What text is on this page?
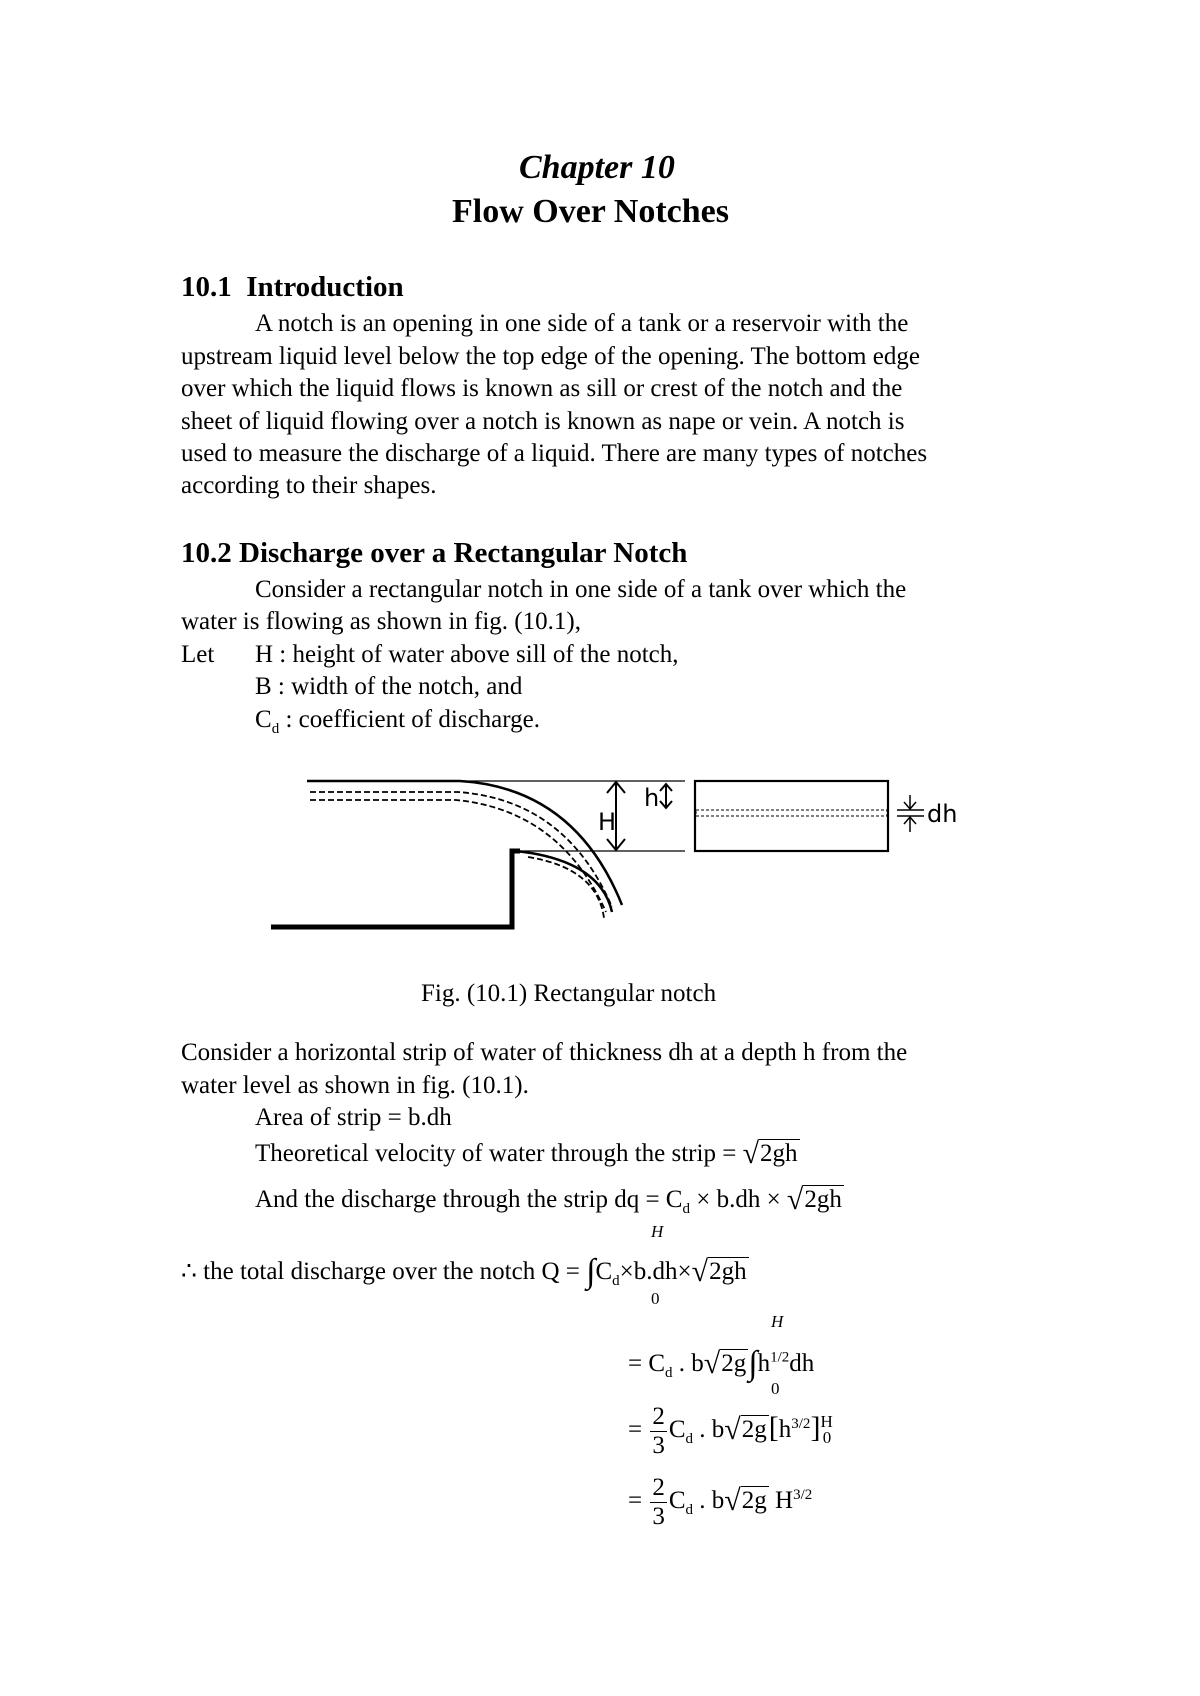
Chapter 10
Flow Over Notches
10.1  Introduction
A notch is an opening in one side of a tank or a reservoir with the
upstream liquid level below the top edge of the opening. The bottom edge
over which the liquid flows is known as sill or crest of the notch and the
sheet of liquid flowing over a notch is known as nape or vein. A notch is
used to measure the discharge of a liquid. There are many types of notches
according to their shapes.
10.2 Discharge over a Rectangular Notch
Consider a rectangular notch in one side of a tank over which the
water is flowing as shown in fig. (10.1),
Let H : height of water above sill of the notch,
B : width of the notch, and
$C_d$ : coefficient of discharge.
H
h
dh
Fig. (10.1) Rectangular notch
Consider a horizontal strip of water of thickness dh at a depth h from the
water level as shown in fig. (10.1).
Area of strip = b.dh
Theoretical velocity of water through the strip = √2gh
And the discharge through the strip dq = $C_d \times b.dh \times √2gh$
H
∴ the total discharge over the notch $Q = \int C_d\times b.dh\times√2gh$
0
H
= $C_d$ . $b√2g\int h^{1/2}dh$
0
= $\frac{2}{3} C_d$ . $b√2g[h^{3/2}]^H_0$
= $\frac{2}{3} C_d$ . b√2g $H^{3/2}$
